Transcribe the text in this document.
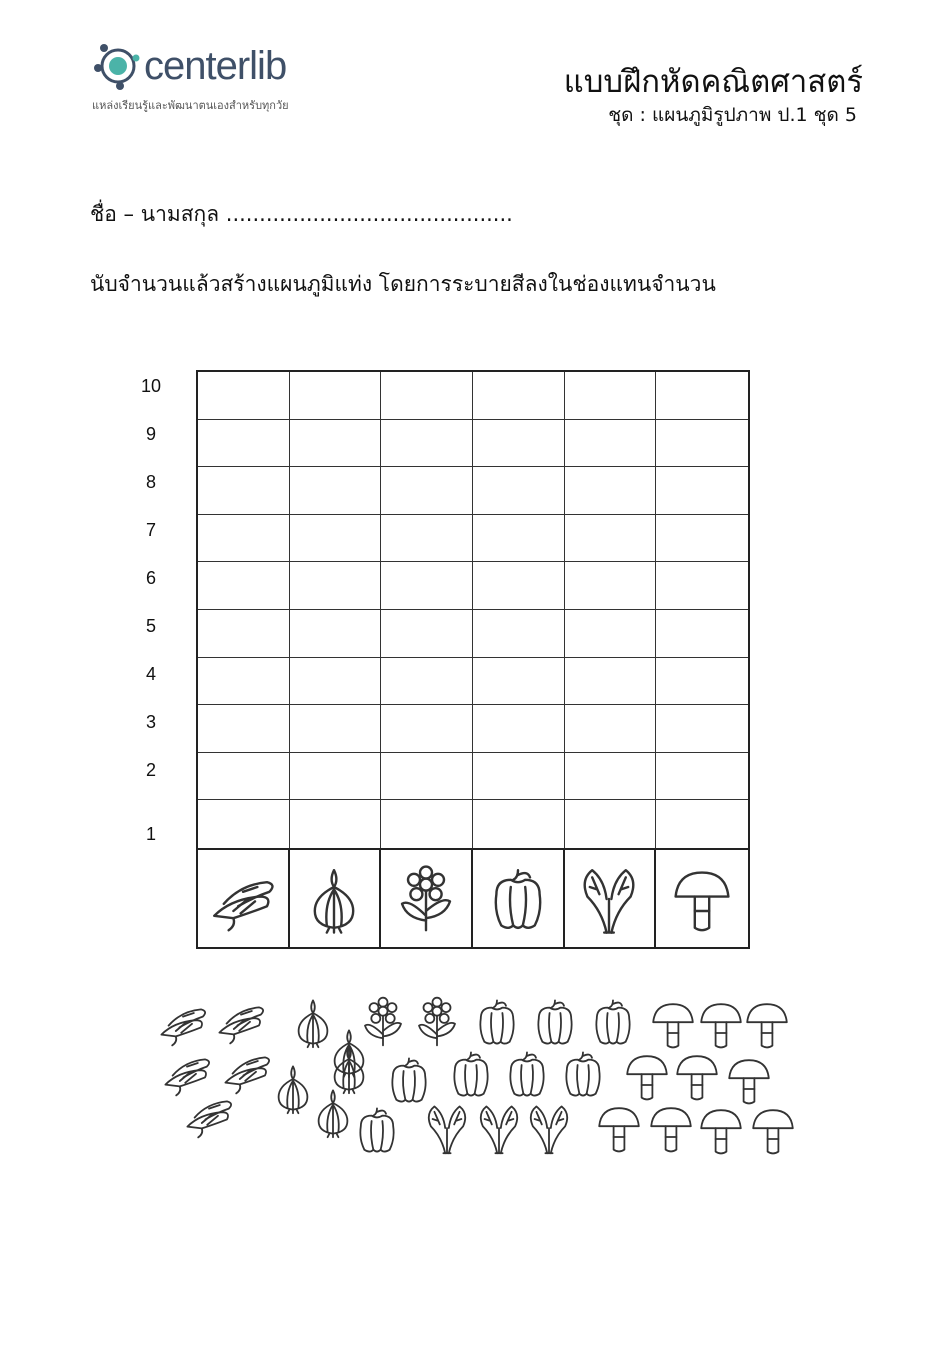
centerlib
แหล่งเรียนรู้และพัฒนาตนเองสำหรับทุกวัย
แบบฝึกหัดคณิตศาสตร์
ชุด : แผนภูมิรูปภาพ ป.1 ชุด 5
ชื่อ – นามสกุล ...........................................
นับจำนวนแล้วสร้างแผนภูมิแท่ง โดยการระบายสีลงในช่องแทนจำนวน
10
9
8
7
6
5
4
3
2
1
